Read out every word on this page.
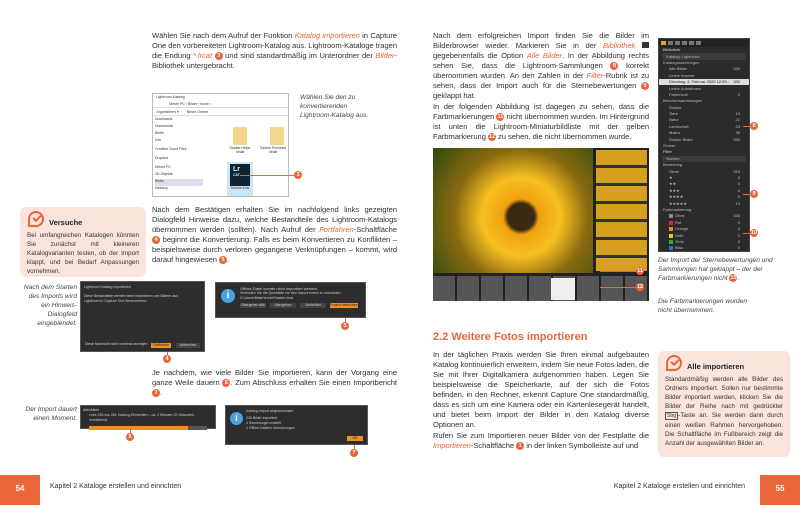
Wählen Sie nach dem Aufruf der Funktion Katalog importieren in Capture One den vorbereiteten Lightroom-Katalog aus. Lightroom-Kataloge tragen die Endung *.lrcat 3 und sind standardmäßig im Unterordner der Bilder-Bibliothek untergebracht.
Lightroom-Katalog
Dieser PC › Bilder › Ironie ›
Organisieren ▾ Neuer Ordner
Downloads
Dokumente
Bilder
Info
Creative Cloud Files
Dropbox
Dieser PC
3D-Objekte
Bilder
Desktop
Saalde Helpe Inhalt
Saalde Previews Inhalt
Lr
CAT
Saalde.lrcat
3
Wählen Sie den zu konvertierenden Lightroom-Katalog aus.
Versuche
Bei umfangreichen Katalogen könnten Sie zunächst mit kleineren Katalogvarianten testen, ob der Import klappt, und bei Bedarf Anpassungen vornehmen.
Nach dem Bestätigen erhalten Sie im nachfolgend links gezeigten Dialogfeld Hinweise dazu, welche Bestandteile des Lightroom-Katalogs übernommen werden (sollten). Nach Aufruf der Fortfahren-Schaltfläche 4 beginnt die Konvertierung. Falls es beim Konvertieren zu Konflikten – beispielsweise durch verloren gegangene Verknüpfungen – kommt, wird darauf hingewiesen 5 .
Nach dem Starten des Imports wird ein Hinweis-Dialogfeld eingeblendet.
Lightroom Katalog importieren
Diese Bestandteile werden beim Importieren von Bildern aus Lightroom in Capture One übernommen:
Diese Nachricht nicht nochmal anzeigen	Fortfahren	Abbrechen
4
i
Offline-Datei konnte nicht importiert werden.
Verbinden Sie die Quelldatei um den Import erneut zu versuchen.
C:\Users\Bilder\Ironie\Saalde.lrcat
Übergehen alle	Übergehen	Schließen	Erneut versuchen
5
Je nachdem, wie viele Bilder Sie importieren, kann der Vorgang eine ganze Weile dauern 6 . Zum Abschluss erhalten Sie einen Importbericht 7 .
Der Import dauert einen Moment.
Aktivitäten
Lese 235 von 281 Katalog-Elementen – ca. 2 Minuten 02 Sekunden verbleibend
6
i
Katalog-Import abgeschlossen
235 Bilder importiert
4 Sammlungen erstellt
1 Offline-Dateien übersprungen
OK
7
54	Kapitel 2 Kataloge erstellen und einrichten
Nach dem erfolgreichen Import finden Sie die Bilder im Bilderbrowser wieder. Markieren Sie in der Bibliothek  gegebenenfalls die Option Alle Bilder. In der Abbildung rechts sehen Sie, dass die Lightroom-Sammlungen 8 korrekt übernommen wurden. An den Zahlen in der Filter-Rubrik ist zu sehen, dass der Import auch für die Sternebewertungen 9 geklappt hat.
In der folgenden Abbildung ist dagegen zu sehen, dass die Farbmarkierungen 11 nicht übernommen wurden. Im Hintergrund ist unten die Lightroom-Miniaturbildliste mit der gelben Farbmarkierung 12 zu sehen, die nicht übernommen wurde.
11
12
2.2 Weitere Fotos importieren
In der täglichen Praxis werden Sie Ihren einmal aufgebauten Katalog kontinuierlich erweitern, indem Sie neue Fotos laden, die Sie mit Ihrer Digitalkamera aufgenommen haben. Legen Sie beispielsweise die Speicherkarte, auf der sich die Fotos befinden, in den Rechner, erkennt Capture One standardmäßig, dass es sich um eine Kamera oder ein Kartenlesegerät handelt, und bietet beim Import der Bilder in den Katalog diverse Optionen an.
Rufen Sie zum Importieren neuer Bilder von der Festplatte die Importieren-Schaltfläche 1 in der linken Symbolleiste auf und
Bibliothek
Katalog: Lightroom
Katalogsammlungen
Alle Bilder	330
Letzte Importe
Dienstag, 4. Februar 2020 12:09... 330
Letzte Aufnahmen
Papierkorb	0
Benutzersammlungen
Saalde
Tiere	19
Natur	22
Landschaft	23
Makro	35
Saalde Bilder	330
Ordner
Filter
Suchen
Bewertung
Ohne	319
★	0
★★	0
★★★	4
★★★★	0
★★★★★	13
Farbmarkierung
Ohne	330
Rot	0
Orange	0
Gelb	0
Grün	0
Blau	0
8
9
10
Der Import der Sternebewertungen und Sammlungen hat geklappt – der der Farbmarkierungen nicht 10.
Die Farbmarkierungen wurden nicht übernommen.
Alle importieren
Standardmäßig werden alle Bilder des Ordners importiert. Sollen nur bestimmte Bilder importiert werden, klicken Sie die Bilder der Reihe nach mit gedrückter Strg -Taste an. Sie werden dann durch einen weißen Rahmen hervorgehoben. Die Schaltfläche im Fußbereich zeigt die Anzahl der ausgewählten Bilder an.
Kapitel 2 Kataloge erstellen und einrichten	55
